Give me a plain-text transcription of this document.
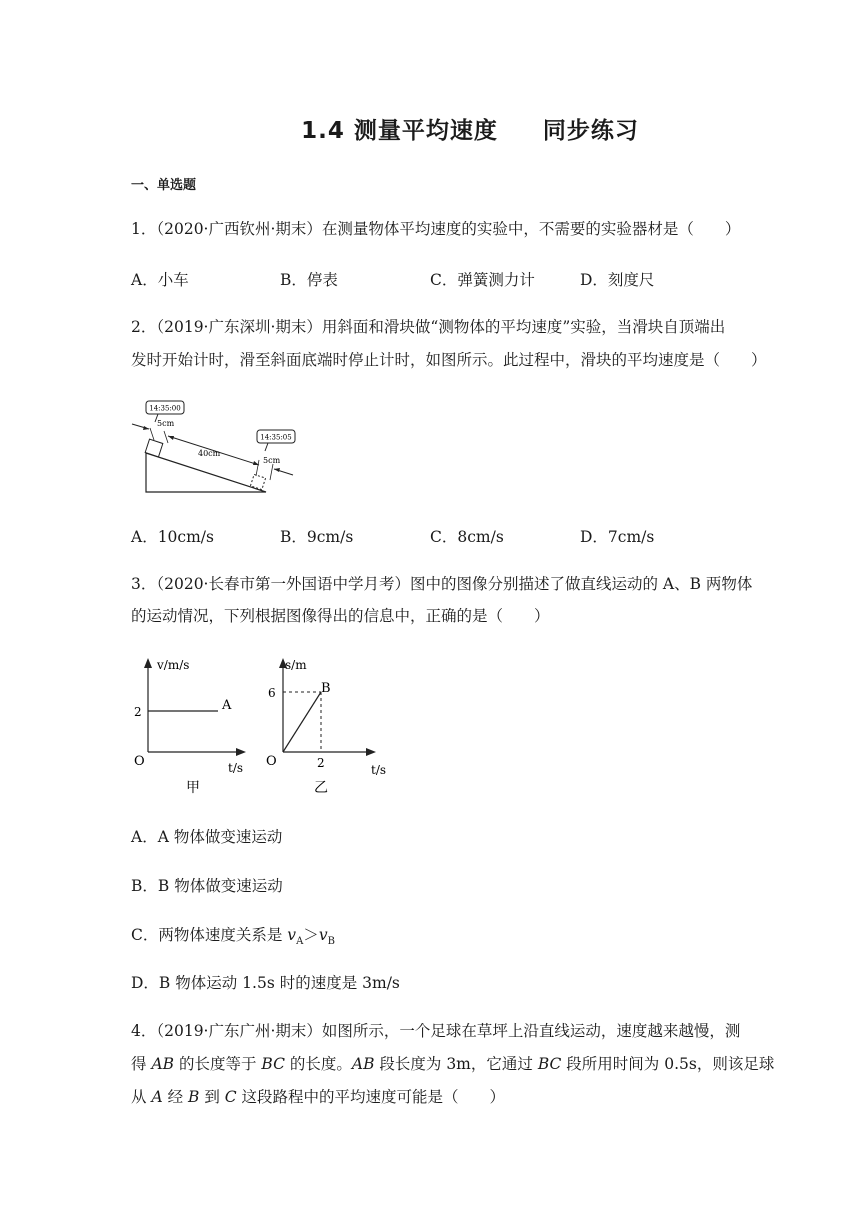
1.4 测量平均速度     同步练习
一、单选题
1．（2020·广西钦州·期末）在测量物体平均速度的实验中，不需要的实验器材是（　　）
A．小车	B．停表	C．弹簧测力计	D．刻度尺
2．（2019·广东深圳·期末）用斜面和滑块做“测物体的平均速度”实验，当滑块自顶端出
发时开始计时，滑至斜面底端时停止计时，如图所示。此过程中，滑块的平均速度是（　　）
14:35:00
14:35:05
5cm
40cm
5cm
A．10cm/s	B．9cm/s	C．8cm/s	D．7cm/s
3．（2020·长春市第一外国语中学月考）图中的图像分别描述了做直线运动的 A、B 两物体
的运动情况，下列根据图像得出的信息中，正确的是（　　）
v/m/s
t/s
O
2	A
甲
s/m
t/s
O
6
2
B
乙
A．A 物体做变速运动
B．B 物体做变速运动
C．两物体速度关系是 $v_A>v_B$
D．B 物体运动 1.5s 时的速度是 3m/s
4．（2019·广东广州·期末）如图所示，一个足球在草坪上沿直线运动，速度越来越慢，测
得 AB 的长度等于 BC 的长度。AB 段长度为 3m，它通过 BC 段所用时间为 0.5s，则该足球
从 A 经 B 到 C 这段路程中的平均速度可能是（　　）
